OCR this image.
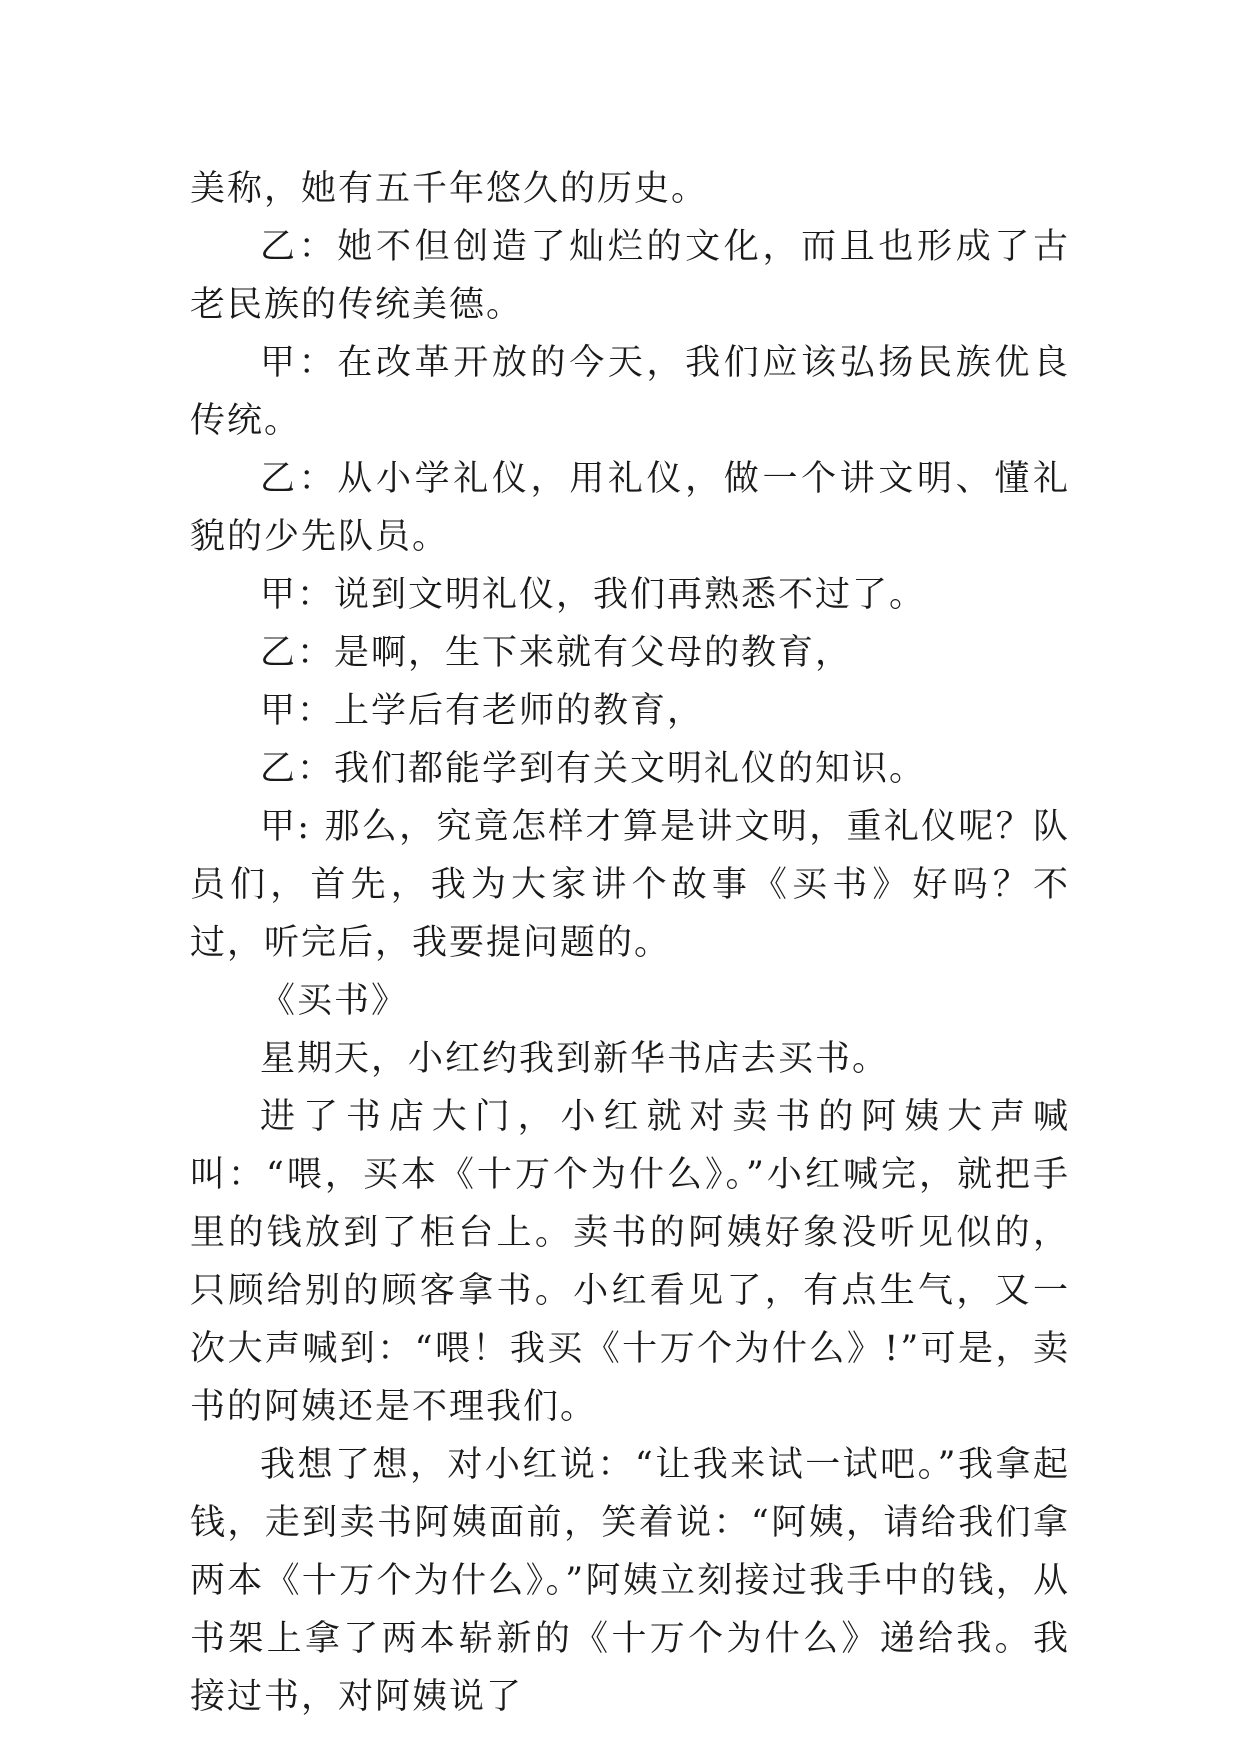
美称，她有五千年悠久的历史。

乙：她不但创造了灿烂的文化，而且也形成了古老民族的传统美德。

甲：在改革开放的今天，我们应该弘扬民族优良传统。

乙：从小学礼仪，用礼仪，做一个讲文明、懂礼貌的少先队员。

甲：说到文明礼仪，我们再熟悉不过了。

乙：是啊，生下来就有父母的教育，

甲：上学后有老师的教育，

乙：我们都能学到有关文明礼仪的知识。

甲: 那么，究竟怎样才算是讲文明，重礼仪呢？队员们，首先，我为大家讲个故事《买书》好吗？不过，听完后，我要提问题的。

《买书》

星期天，小红约我到新华书店去买书。

进了书店大门，小红就对卖书的阿姨大声喊叫：“喂，买本《十万个为什么》。”小红喊完，就把手里的钱放到了柜台上。卖书的阿姨好象没听见似的，只顾给别的顾客拿书。小红看见了，有点生气，又一次大声喊到：“喂！我买《十万个为什么》!”可是，卖书的阿姨还是不理我们。

我想了想，对小红说：“让我来试一试吧。”我拿起钱，走到卖书阿姨面前，笑着说：“阿姨，请给我们拿两本《十万个为什么》。”阿姨立刻接过我手中的钱，从书架上拿了两本崭新的《十万个为什么》递给我。我接过书，对阿姨说了
